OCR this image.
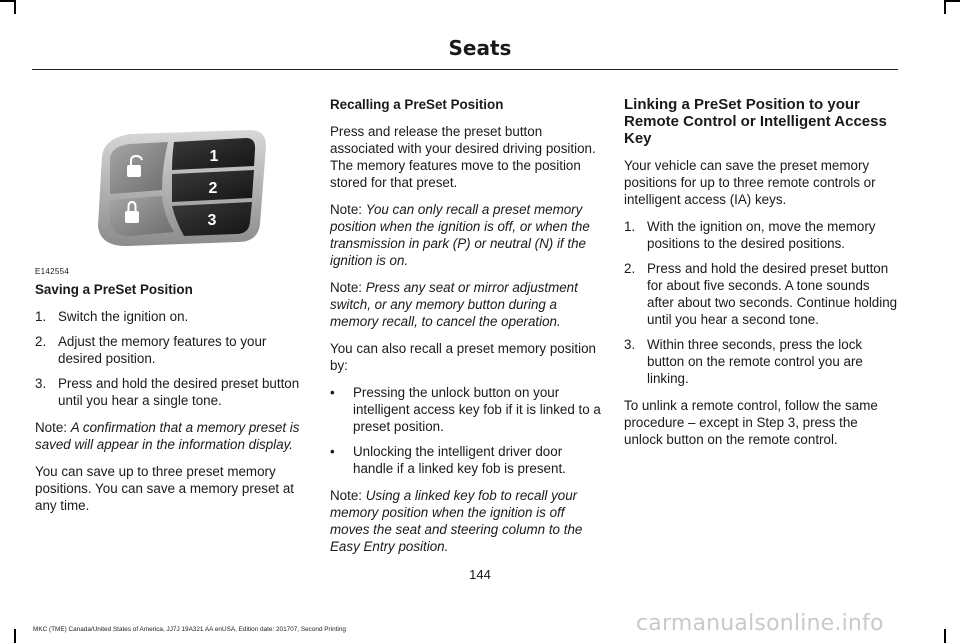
Seats
1
2
3
E142554
Saving a PreSet Position
1. Switch the ignition on.
2. Adjust the memory features to your desired position.
3. Press and hold the desired preset button until you hear a single tone.

Note: A confirmation that a memory preset is saved will appear in the information display.

You can save up to three preset memory positions. You can save a memory preset at any time.

Recalling a PreSet Position

Press and release the preset button associated with your desired driving position. The memory features move to the position stored for that preset.

Note: You can only recall a preset memory position when the ignition is off, or when the transmission in park (P) or neutral (N) if the ignition is on.

Note: Press any seat or mirror adjustment switch, or any memory button during a memory recall, to cancel the operation.

You can also recall a preset memory position by:

• Pressing the unlock button on your intelligent access key fob if it is linked to a preset position.
• Unlocking the intelligent driver door handle if a linked key fob is present.

Note: Using a linked key fob to recall your memory position when the ignition is off moves the seat and steering column to the Easy Entry position.

Linking a PreSet Position to your Remote Control or Intelligent Access Key

Your vehicle can save the preset memory positions for up to three remote controls or intelligent access (IA) keys.

1. With the ignition on, move the memory positions to the desired positions.
2. Press and hold the desired preset button for about five seconds. A tone sounds after about two seconds. Continue holding until you hear a second tone.
3. Within three seconds, press the lock button on the remote control you are linking.

To unlink a remote control, follow the same procedure – except in Step 3, press the unlock button on the remote control.

144
MKC (TME) Canada/United States of America, JJ7J 19A321 AA enUSA, Edition date: 201707, Second Printing	carmanualsonline.info
